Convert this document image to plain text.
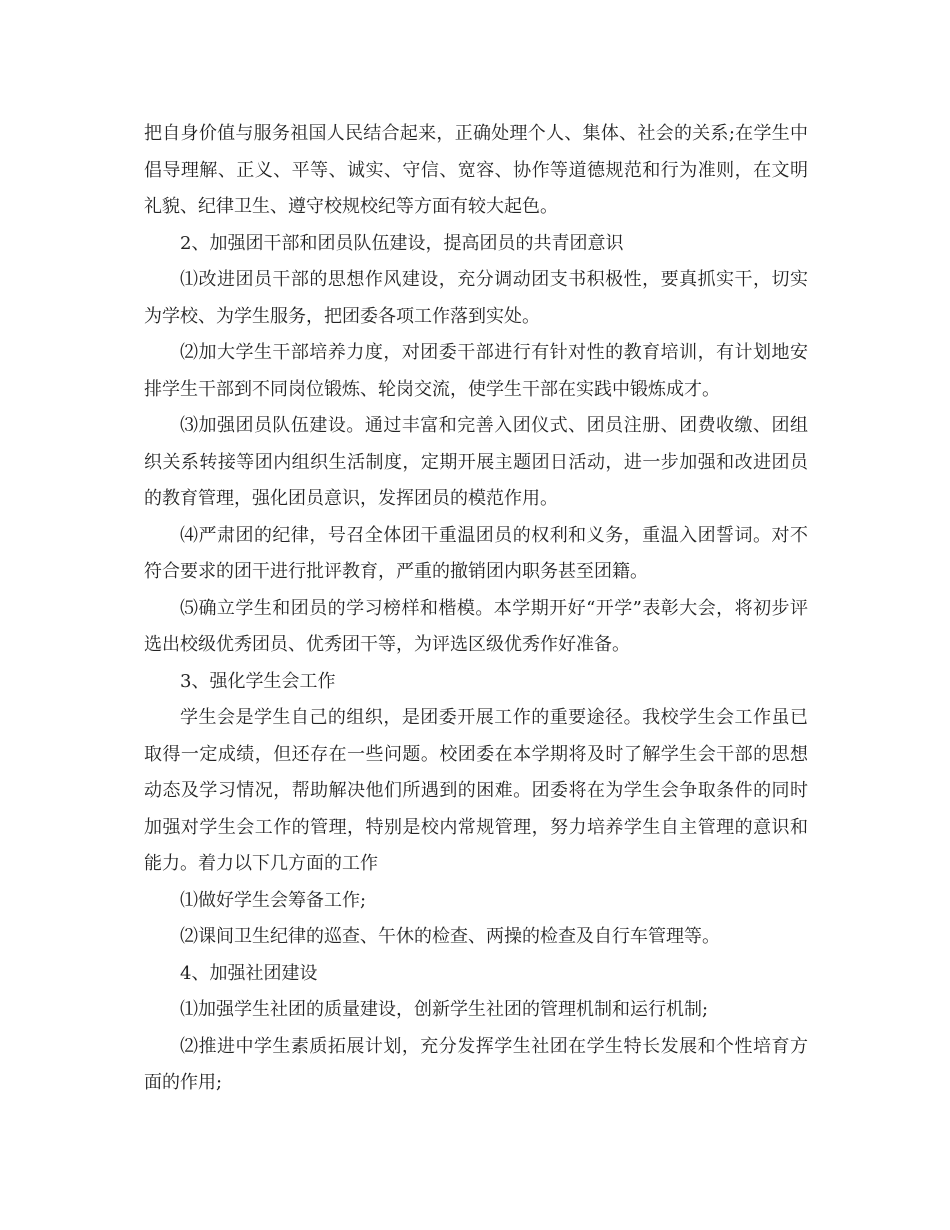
把自身价值与服务祖国人民结合起来，正确处理个人、集体、社会的关系;在学生中倡导理解、正义、平等、诚实、守信、宽容、协作等道德规范和行为准则，在文明礼貌、纪律卫生、遵守校规校纪等方面有较大起色。

2、加强团干部和团员队伍建设，提高团员的共青团意识

⑴改进团员干部的思想作风建设，充分调动团支书积极性，要真抓实干，切实为学校、为学生服务，把团委各项工作落到实处。

⑵加大学生干部培养力度，对团委干部进行有针对性的教育培训，有计划地安排学生干部到不同岗位锻炼、轮岗交流，使学生干部在实践中锻炼成才。

⑶加强团员队伍建设。通过丰富和完善入团仪式、团员注册、团费收缴、团组织关系转接等团内组织生活制度，定期开展主题团日活动，进一步加强和改进团员的教育管理，强化团员意识，发挥团员的模范作用。

⑷严肃团的纪律，号召全体团干重温团员的权利和义务，重温入团誓词。对不符合要求的团干进行批评教育，严重的撤销团内职务甚至团籍。

⑸确立学生和团员的学习榜样和楷模。本学期开好“开学”表彰大会，将初步评选出校级优秀团员、优秀团干等，为评选区级优秀作好准备。

3、强化学生会工作

学生会是学生自己的组织，是团委开展工作的重要途径。我校学生会工作虽已取得一定成绩，但还存在一些问题。校团委在本学期将及时了解学生会干部的思想动态及学习情况，帮助解决他们所遇到的困难。团委将在为学生会争取条件的同时加强对学生会工作的管理，特别是校内常规管理，努力培养学生自主管理的意识和能力。着力以下几方面的工作

⑴做好学生会筹备工作;

⑵课间卫生纪律的巡查、午休的检查、两操的检查及自行车管理等。

4、加强社团建设

⑴加强学生社团的质量建设，创新学生社团的管理机制和运行机制;

⑵推进中学生素质拓展计划，充分发挥学生社团在学生特长发展和个性培育方面的作用;
